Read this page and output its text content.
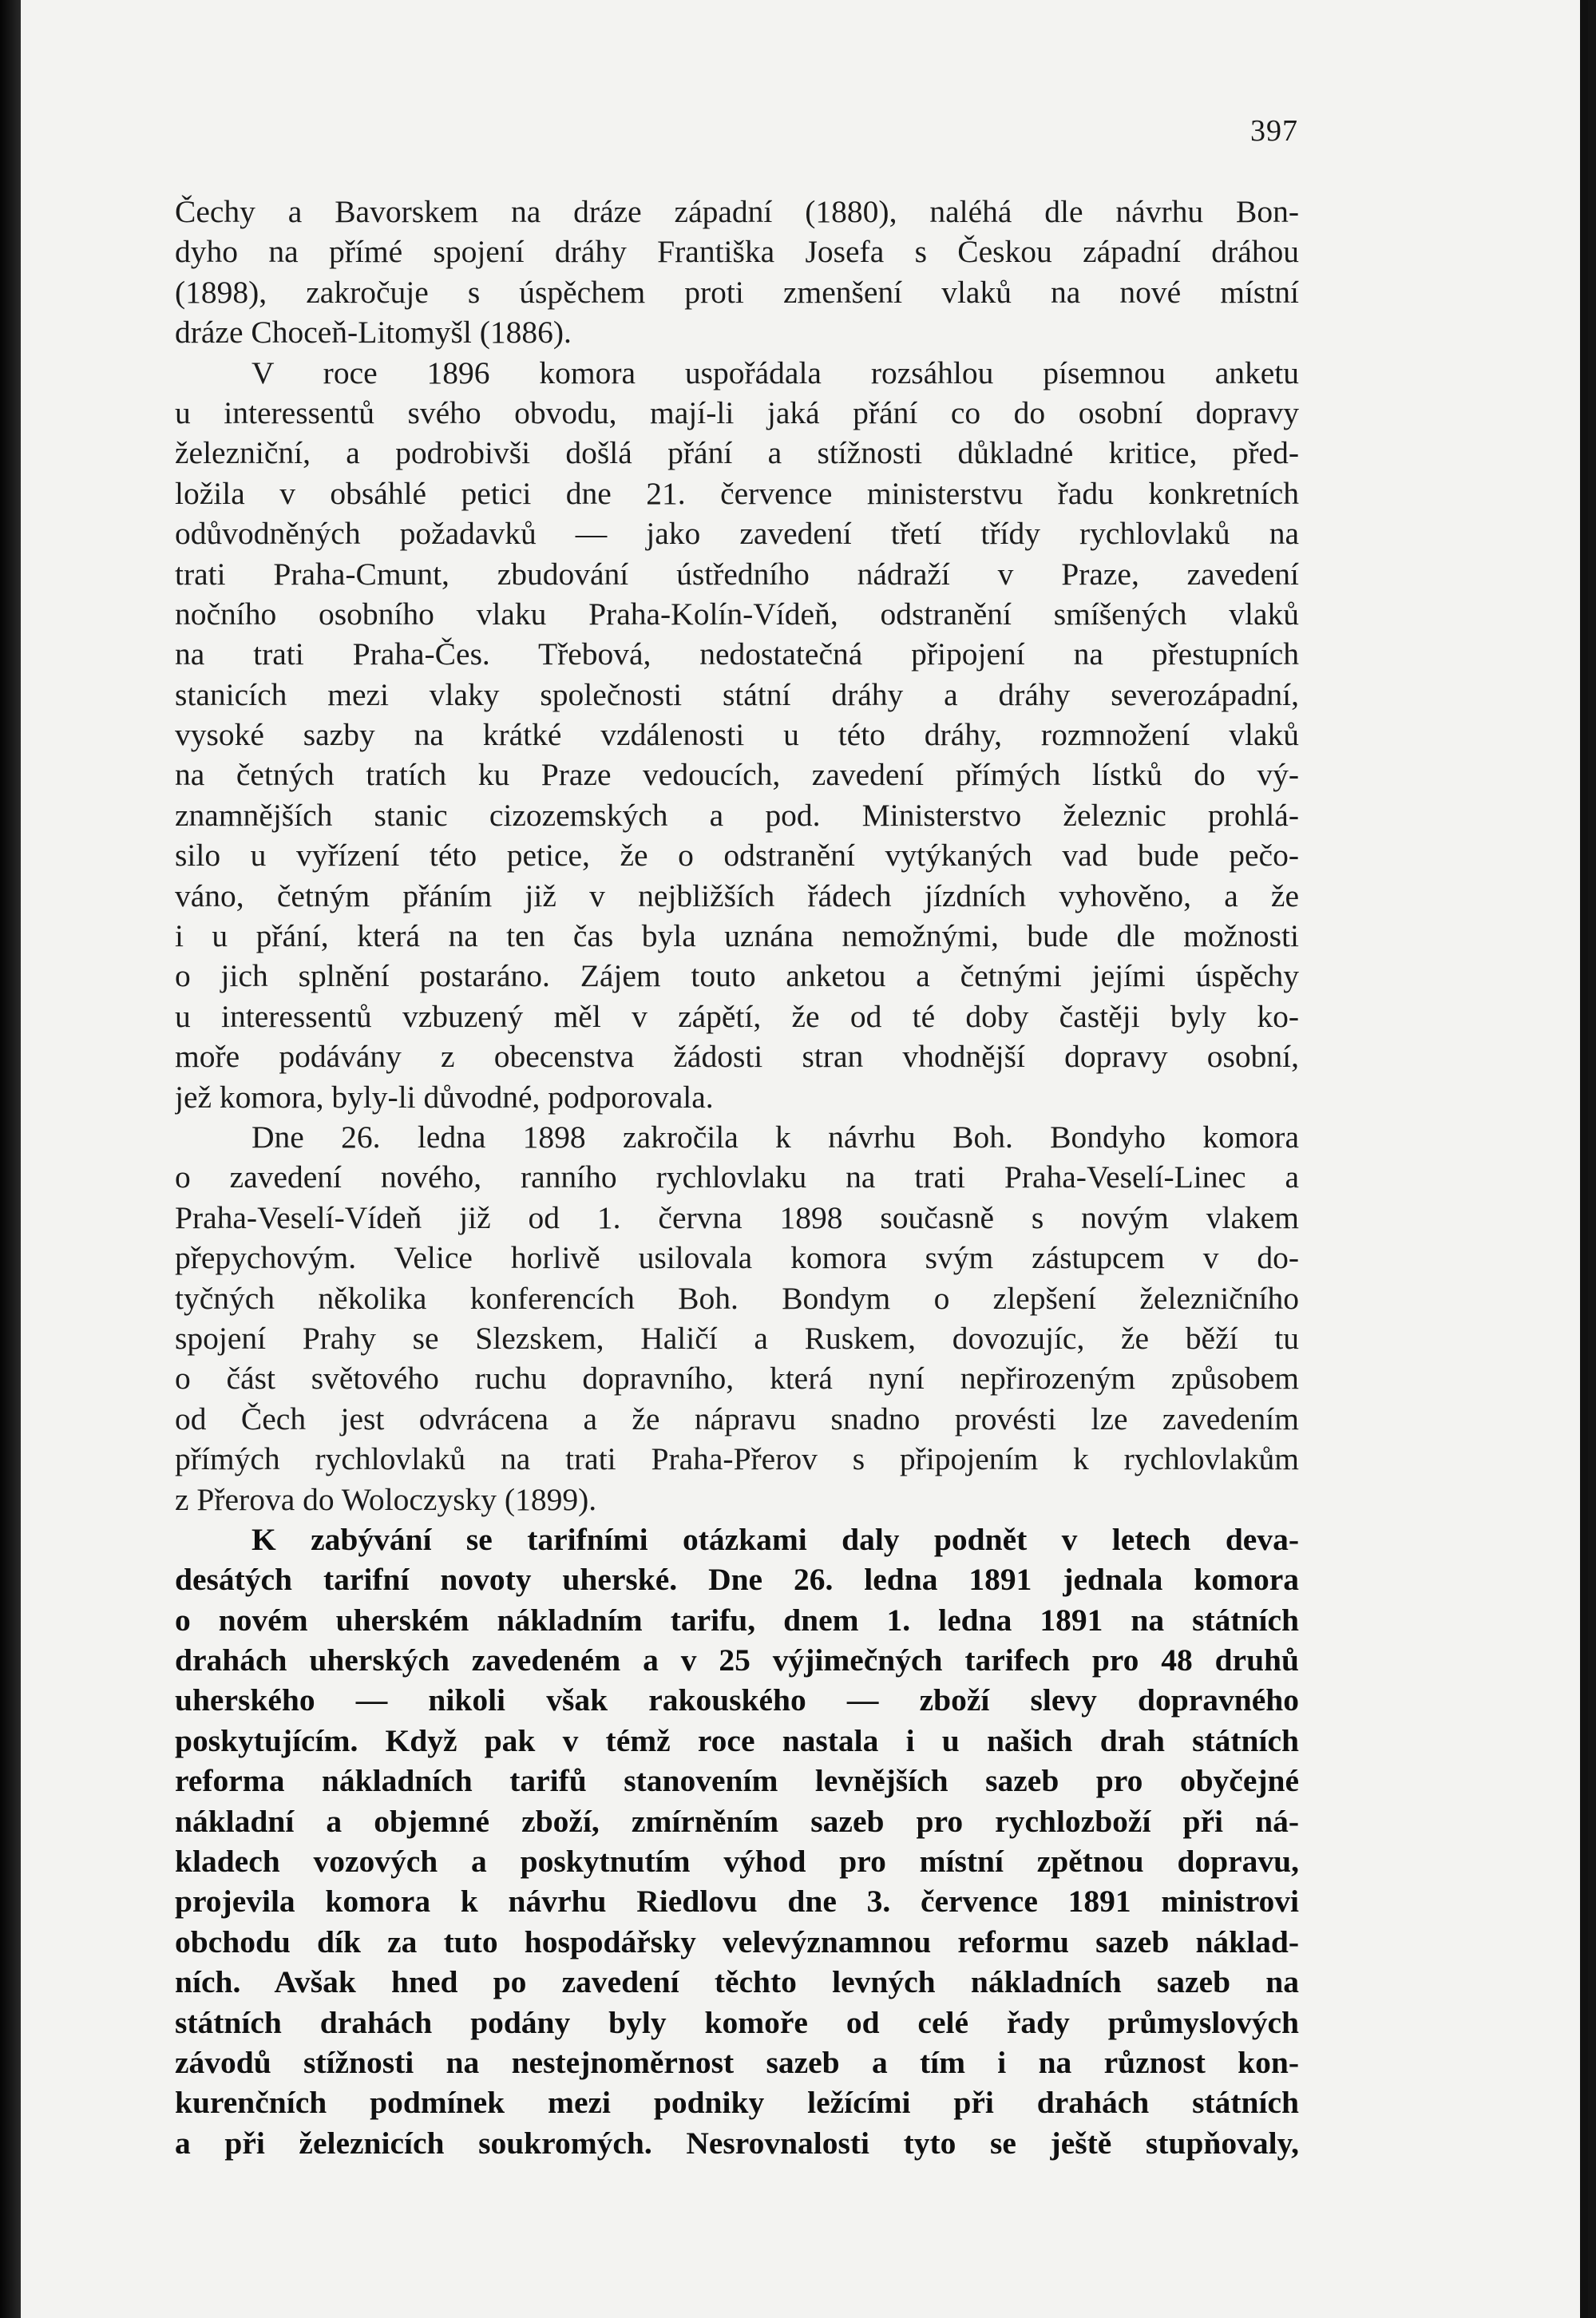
397
Čechy a Bavorskem na dráze západní (1880), naléhá dle návrhu Bon-
dyho na přímé spojení dráhy Františka Josefa s Českou západní dráhou
(1898), zakročuje s úspěchem proti zmenšení vlaků na nové místní
dráze Choceň-Litomyšl (1886).
V roce 1896 komora uspořádala rozsáhlou písemnou anketu
u interessentů svého obvodu, mají-li jaká přání co do osobní dopravy
železniční, a podrobivši došlá přání a stížnosti důkladné kritice, před-
ložila v obsáhlé petici dne 21. července ministerstvu řadu konkretních
odůvodněných požadavků — jako zavedení třetí třídy rychlovlaků na
trati Praha-Cmunt, zbudování ústředního nádraží v Praze, zavedení
nočního osobního vlaku Praha-Kolín-Vídeň, odstranění smíšených vlaků
na trati Praha-Čes. Třebová, nedostatečná připojení na přestupních
stanicích mezi vlaky společnosti státní dráhy a dráhy severozápadní,
vysoké sazby na krátké vzdálenosti u této dráhy, rozmnožení vlaků
na četných tratích ku Praze vedoucích, zavedení přímých lístků do vý-
znamnějších stanic cizozemských a pod. Ministerstvo železnic prohlá-
silo u vyřízení této petice, že o odstranění vytýkaných vad bude pečo-
váno, četným přáním již v nejbližších řádech jízdních vyhověno, a že
i u přání, která na ten čas byla uznána nemožnými, bude dle možnosti
o jich splnění postaráno. Zájem touto anketou a četnými jejími úspěchy
u interessentů vzbuzený měl v zápětí, že od té doby častěji byly ko-
moře podávány z obecenstva žádosti stran vhodnější dopravy osobní,
jež komora, byly-li důvodné, podporovala.
Dne 26. ledna 1898 zakročila k návrhu Boh. Bondyho komora
o zavedení nového, ranního rychlovlaku na trati Praha-Veselí-Linec a
Praha-Veselí-Vídeň již od 1. června 1898 současně s novým vlakem
přepychovým. Velice horlivě usilovala komora svým zástupcem v do-
tyčných několika konferencích Boh. Bondym o zlepšení železničního
spojení Prahy se Slezskem, Haličí a Ruskem, dovozujíc, že běží tu
o část světového ruchu dopravního, která nyní nepřirozeným způsobem
od Čech jest odvrácena a že nápravu snadno provésti lze zavedením
přímých rychlovlaků na trati Praha-Přerov s připojením k rychlovlakům
z Přerova do Woloczysky (1899).
K zabývání se tarifními otázkami daly podnět v letech deva-
desátých tarifní novoty uherské. Dne 26. ledna 1891 jednala komora
o novém uherském nákladním tarifu, dnem 1. ledna 1891 na státních
drahách uherských zavedeném a v 25 výjimečných tarifech pro 48 druhů
uherského — nikoli však rakouského — zboží slevy dopravného
poskytujícím. Když pak v témž roce nastala i u našich drah státních
reforma nákladních tarifů stanovením levnějších sazeb pro obyčejné
nákladní a objemné zboží, zmírněním sazeb pro rychlozboží při ná-
kladech vozových a poskytnutím výhod pro místní zpětnou dopravu,
projevila komora k návrhu Riedlovu dne 3. července 1891 ministrovi
obchodu dík za tuto hospodářsky velevýznamnou reformu sazeb náklad-
ních. Avšak hned po zavedení těchto levných nákladních sazeb na
státních drahách podány byly komoře od celé řady průmyslových
závodů stížnosti na nestejnoměrnost sazeb a tím i na různost kon-
kurenčních podmínek mezi podniky ležícími při drahách státních
a při železnicích soukromých. Nesrovnalosti tyto se ještě stupňovaly,
